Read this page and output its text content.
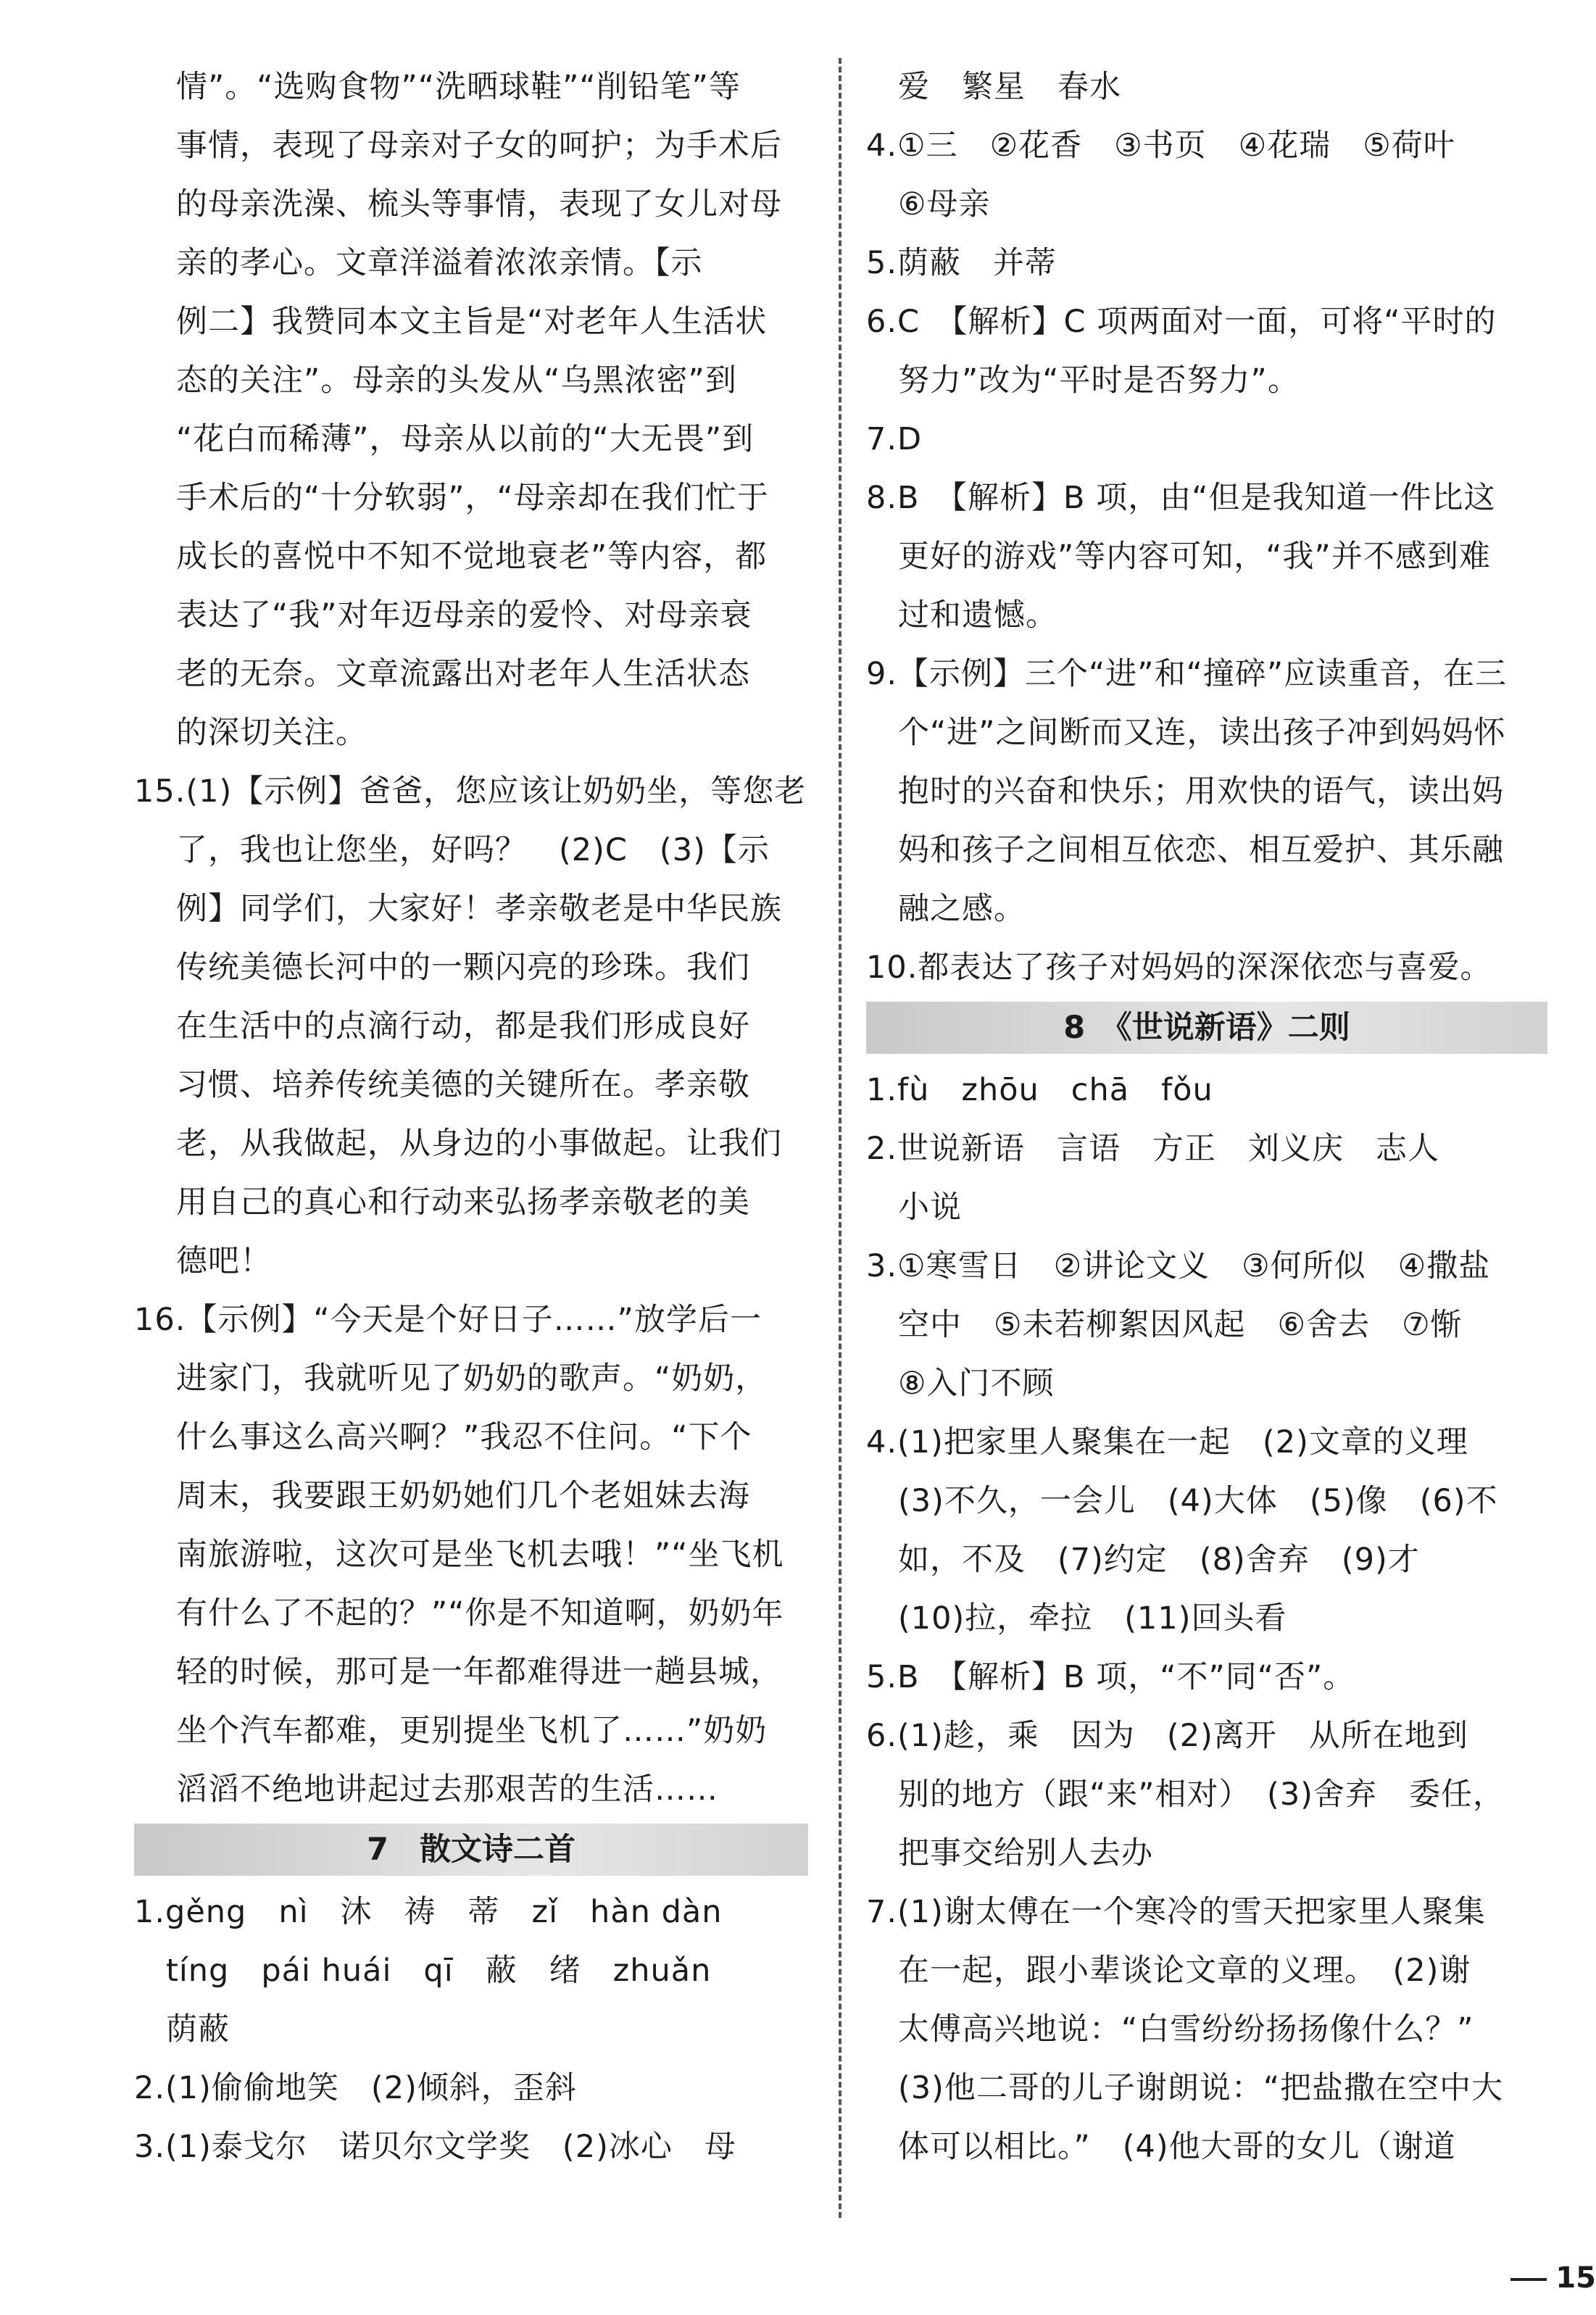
情”。“选购食物”“洗晒球鞋”“削铅笔”等
事情，表现了母亲对子女的呵护；为手术后
的母亲洗澡、梳头等事情，表现了女儿对母
亲的孝心。文章洋溢着浓浓亲情。【示
例二】我赞同本文主旨是“对老年人生活状
态的关注”。母亲的头发从“乌黑浓密”到
“花白而稀薄”，母亲从以前的“大无畏”到
手术后的“十分软弱”，“母亲却在我们忙于
成长的喜悦中不知不觉地衰老”等内容，都
表达了“我”对年迈母亲的爱怜、对母亲衰
老的无奈。文章流露出对老年人生活状态
的深切关注。
15.(1)【示例】爸爸，您应该让奶奶坐，等您老
了，我也让您坐，好吗？　(2)C　(3)【示
例】同学们，大家好！孝亲敬老是中华民族
传统美德长河中的一颗闪亮的珍珠。我们
在生活中的点滴行动，都是我们形成良好
习惯、培养传统美德的关键所在。孝亲敬
老，从我做起，从身边的小事做起。让我们
用自己的真心和行动来弘扬孝亲敬老的美
德吧！
16.【示例】“今天是个好日子……”放学后一
进家门，我就听见了奶奶的歌声。“奶奶，
什么事这么高兴啊？”我忍不住问。“下个
周末，我要跟王奶奶她们几个老姐妹去海
南旅游啦，这次可是坐飞机去哦！”“坐飞机
有什么了不起的？”“你是不知道啊，奶奶年
轻的时候，那可是一年都难得进一趟县城，
坐个汽车都难，更别提坐飞机了……”奶奶
滔滔不绝地讲起过去那艰苦的生活……
7　散文诗二首
1.gěng　nì　沐　祷　蒂　zǐ　hàn dàn
　tíng　pái huái　qī　蔽　绪　zhuǎn
　荫蔽
2.(1)偷偷地笑　(2)倾斜，歪斜
3.(1)泰戈尔　诺贝尔文学奖　(2)冰心　母
　爱　繁星　春水
4.①三　②花香　③书页　④花瑞　⑤荷叶
　⑥母亲
5.荫蔽　并蒂
6.C　【解析】C 项两面对一面，可将“平时的
　努力”改为“平时是否努力”。
7.D
8.B　【解析】B 项，由“但是我知道一件比这
　更好的游戏”等内容可知，“我”并不感到难
　过和遗憾。
9.【示例】三个“进”和“撞碎”应读重音，在三
　个“进”之间断而又连，读出孩子冲到妈妈怀
　抱时的兴奋和快乐；用欢快的语气，读出妈
　妈和孩子之间相互依恋、相互爱护、其乐融
　融之感。
10.都表达了孩子对妈妈的深深依恋与喜爱。
8　《世说新语》二则
1.fù　zhōu　chā　fǒu
2.世说新语　言语　方正　刘义庆　志人
　小说
3.①寒雪日　②讲论文义　③何所似　④撒盐
　空中　⑤未若柳絮因风起　⑥舍去　⑦惭
　⑧入门不顾
4.(1)把家里人聚集在一起　(2)文章的义理
　(3)不久，一会儿　(4)大体　(5)像　(6)不
　如，不及　(7)约定　(8)舍弃　(9)才
　(10)拉，牵拉　(11)回头看
5.B　【解析】B 项，“不”同“否”。
6.(1)趁，乘　因为　(2)离开　从所在地到
　别的地方（跟“来”相对）　(3)舍弃　委任，
　把事交给别人去办
7.(1)谢太傅在一个寒冷的雪天把家里人聚集
　在一起，跟小辈谈论文章的义理。　(2)谢
　太傅高兴地说：“白雪纷纷扬扬像什么？”
　(3)他二哥的儿子谢朗说：“把盐撒在空中大
　体可以相比。”　(4)他大哥的女儿（谢道
15
